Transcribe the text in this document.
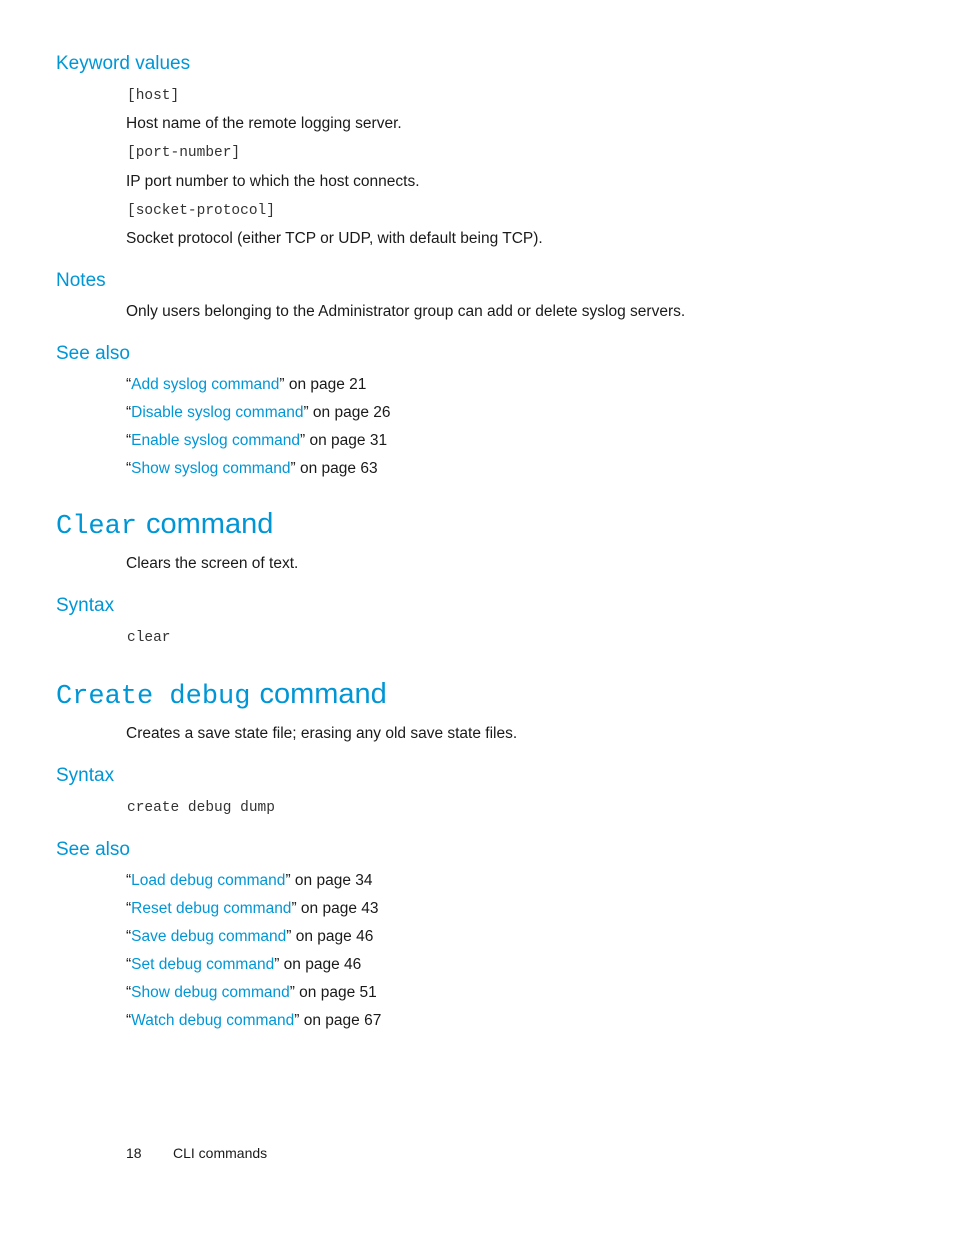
Keyword values
[host]
Host name of the remote logging server.
[port-number]
IP port number to which the host connects.
[socket-protocol]
Socket protocol (either TCP or UDP, with default being TCP).
Notes
Only users belonging to the Administrator group can add or delete syslog servers.
See also
“Add syslog command” on page 21
“Disable syslog command” on page 26
“Enable syslog command” on page 31
“Show syslog command” on page 63
Clear command
Clears the screen of text.
Syntax
clear
Create debug command
Creates a save state file; erasing any old save state files.
Syntax
create debug dump
See also
“Load debug command” on page 34
“Reset debug command” on page 43
“Save debug command” on page 46
“Set debug command” on page 46
“Show debug command” on page 51
“Watch debug command” on page 67
18 CLI commands
